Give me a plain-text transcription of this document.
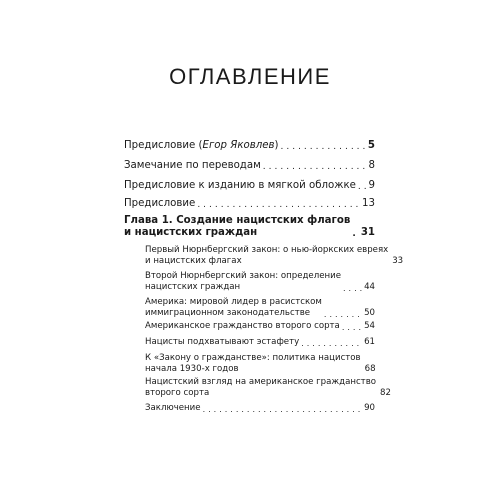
ОГЛАВЛЕНИЕ
Предисловие (Егор Яковлев) .....	5
Замечание по переводам .....	8
Предисловие к изданию в мягкой обложке ..... 9
Предисловие .....	13
Глава 1. Создание нацистских флагов
и нацистских граждан .....	31
Первый Нюрнбергский закон: о нью-йоркских евреях
и нацистских флагах	33
Второй Нюрнбергский закон: определение
нацистских граждан .....	44
Америка: мировой лидер в расистском
иммиграционном законодательстве .....	50
Американское гражданство второго сорта .....	54
Нацисты подхватывают эстафету .....	61
К «Закону о гражданстве»: политика нацистов
начала 1930-х годов	68
Нацистский взгляд на американское гражданство
второго сорта	82
Заключение .....	90
